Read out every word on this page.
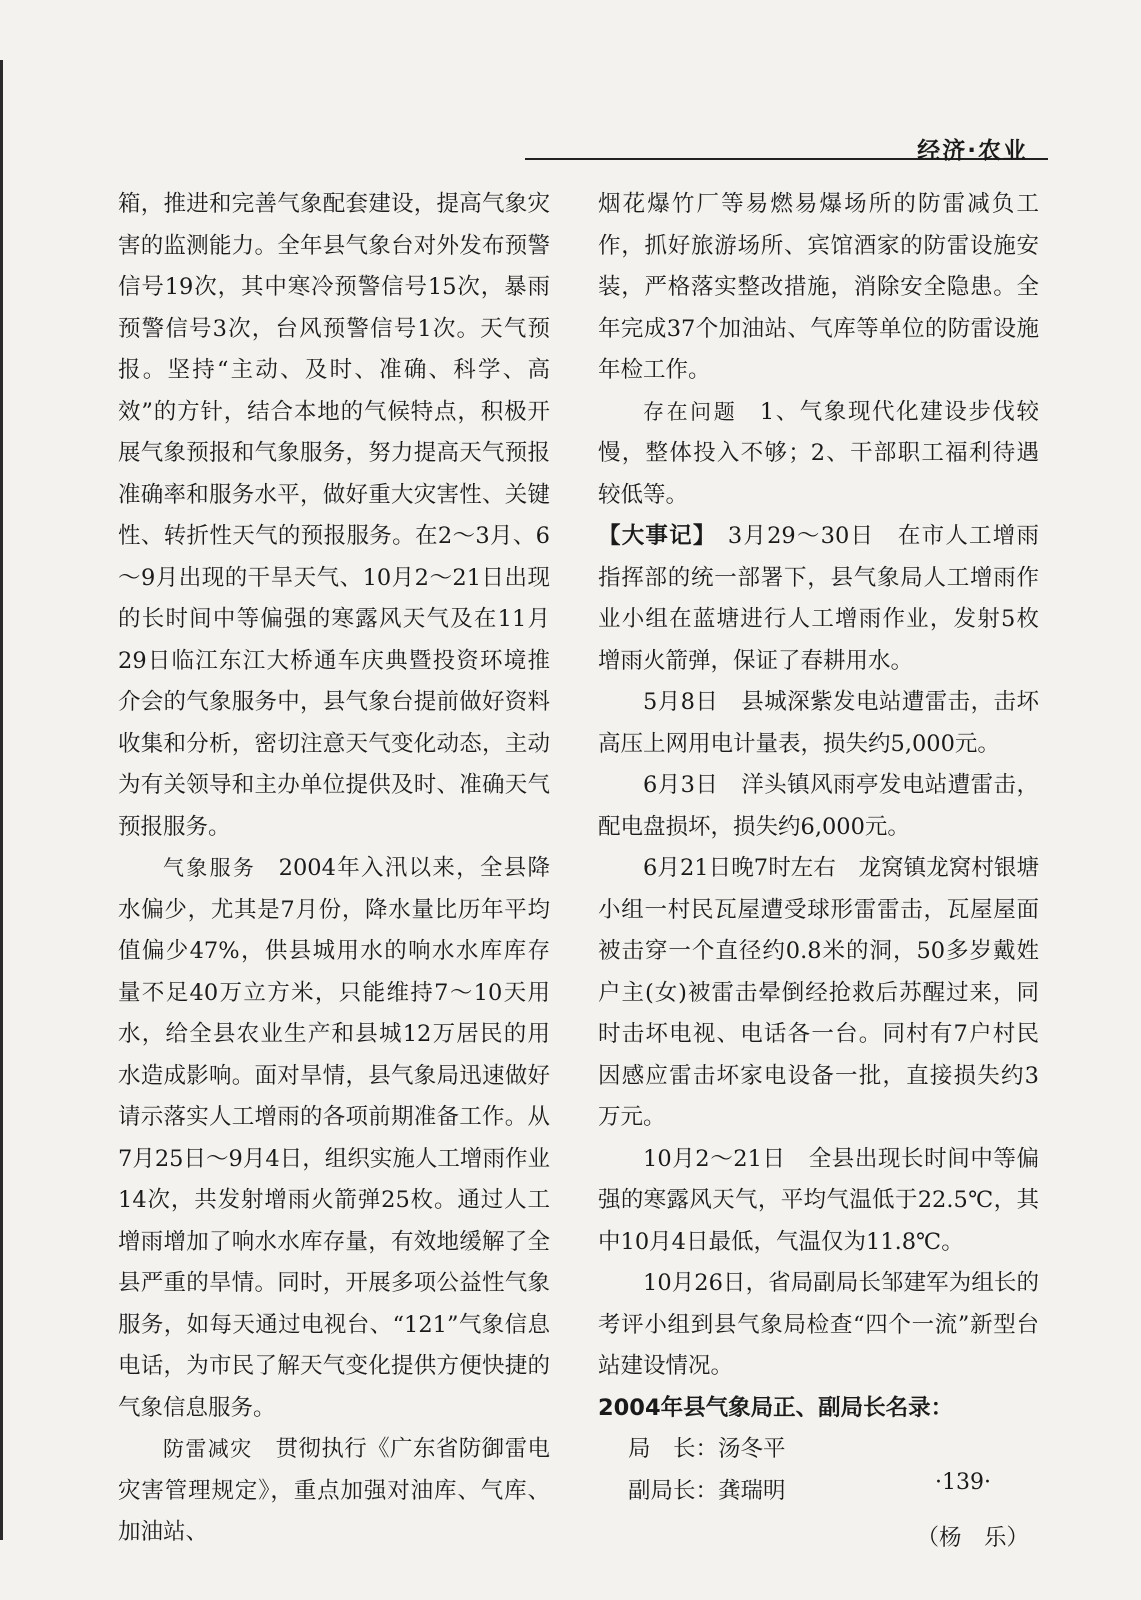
经济·农业

箱，推进和完善气象配套建设，提高气象灾害的监测能力。全年县气象台对外发布预警信号19次，其中寒冷预警信号15次，暴雨预警信号3次，台风预警信号1次。天气预报。坚持“主动、及时、准确、科学、高效”的方针，结合本地的气候特点，积极开展气象预报和气象服务，努力提高天气预报准确率和服务水平，做好重大灾害性、关键性、转折性天气的预报服务。在2～3月、6～9月出现的干旱天气、10月2～21日出现的长时间中等偏强的寒露风天气及在11月29日临江东江大桥通车庆典暨投资环境推介会的气象服务中，县气象台提前做好资料收集和分析，密切注意天气变化动态，主动为有关领导和主办单位提供及时、准确天气预报服务。

气象服务  2004年入汛以来，全县降水偏少，尤其是7月份，降水量比历年平均值偏少47%，供县城用水的响水水库库存量不足40万立方米，只能维持7～10天用水，给全县农业生产和县城12万居民的用水造成影响。面对旱情，县气象局迅速做好请示落实人工增雨的各项前期准备工作。从7月25日～9月4日，组织实施人工增雨作业14次，共发射增雨火箭弹25枚。通过人工增雨增加了响水水库存量，有效地缓解了全县严重的旱情。同时，开展多项公益性气象服务，如每天通过电视台、“121”气象信息电话，为市民了解天气变化提供方便快捷的气象信息服务。

防雷减灾  贯彻执行《广东省防御雷电灾害管理规定》，重点加强对油库、气库、加油站、

烟花爆竹厂等易燃易爆场所的防雷减负工作，抓好旅游场所、宾馆酒家的防雷设施安装，严格落实整改措施，消除安全隐患。全年完成37个加油站、气库等单位的防雷设施年检工作。

存在问题  1、气象现代化建设步伐较慢，整体投入不够；2、干部职工福利待遇较低等。

【大事记】  3月29～30日  在市人工增雨指挥部的统一部署下，县气象局人工增雨作业小组在蓝塘进行人工增雨作业，发射5枚增雨火箭弹，保证了春耕用水。

5月8日  县城深紫发电站遭雷击，击坏高压上网用电计量表，损失约5,000元。

6月3日  洋头镇风雨亭发电站遭雷击，配电盘损坏，损失约6,000元。

6月21日晚7时左右  龙窝镇龙窝村银塘小组一村民瓦屋遭受球形雷雷击，瓦屋屋面被击穿一个直径约0.8米的洞，50多岁戴姓户主(女)被雷击晕倒经抢救后苏醒过来，同时击坏电视、电话各一台。同村有7户村民因感应雷击坏家电设备一批，直接损失约3万元。

10月2～21日  全县出现长时间中等偏强的寒露风天气，平均气温低于22.5℃，其中10月4日最低，气温仅为11.8℃。

10月26日，省局副局长邹建军为组长的考评小组到县气象局检查“四个一流”新型台站建设情况。

2004年县气象局正、副局长名录：

局　长：汤冬平

副局长：龚瑞明

（杨　乐）

·139·
